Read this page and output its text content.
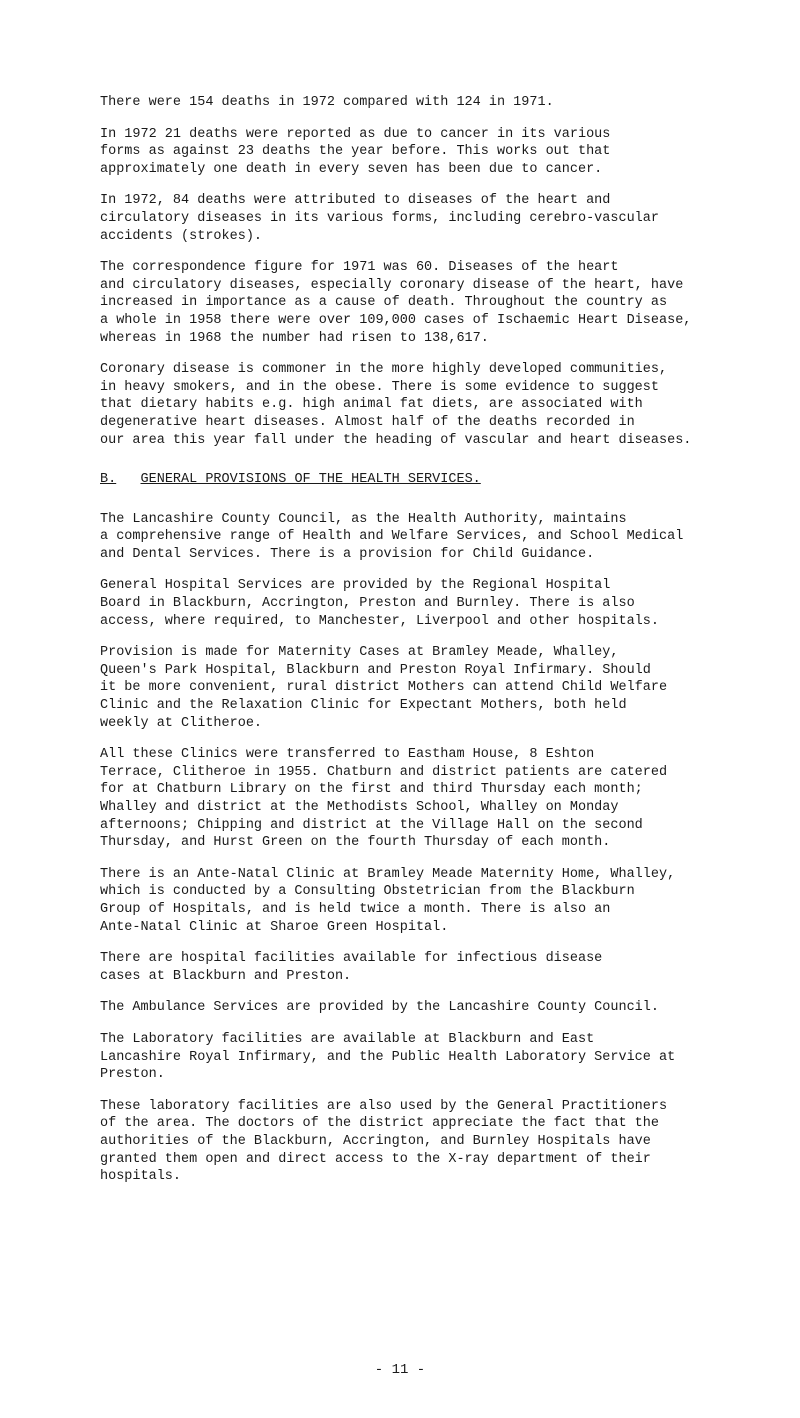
There were 154 deaths in 1972 compared with 124 in 1971.

In 1972 21 deaths were reported as due to cancer in its various
forms as against 23 deaths the year before. This works out that
approximately one death in every seven has been due to cancer.

In 1972, 84 deaths were attributed to diseases of the heart and
circulatory diseases in its various forms, including cerebro-vascular
accidents (strokes).

The correspondence figure for 1971 was 60. Diseases of the heart
and circulatory diseases, especially coronary disease of the heart, have
increased in importance as a cause of death. Throughout the country as
a whole in 1958 there were over 109,000 cases of Ischaemic Heart Disease,
whereas in 1968 the number had risen to 138,617.

Coronary disease is commoner in the more highly developed communities,
in heavy smokers, and in the obese. There is some evidence to suggest
that dietary habits e.g. high animal fat diets, are associated with
degenerative heart diseases. Almost half of the deaths recorded in
our area this year fall under the heading of vascular and heart diseases.

B. GENERAL PROVISIONS OF THE HEALTH SERVICES.

The Lancashire County Council, as the Health Authority, maintains
a comprehensive range of Health and Welfare Services, and School Medical
and Dental Services. There is a provision for Child Guidance.

General Hospital Services are provided by the Regional Hospital
Board in Blackburn, Accrington, Preston and Burnley. There is also
access, where required, to Manchester, Liverpool and other hospitals.

Provision is made for Maternity Cases at Bramley Meade, Whalley,
Queen's Park Hospital, Blackburn and Preston Royal Infirmary. Should
it be more convenient, rural district Mothers can attend Child Welfare
Clinic and the Relaxation Clinic for Expectant Mothers, both held
weekly at Clitheroe.

All these Clinics were transferred to Eastham House, 8 Eshton
Terrace, Clitheroe in 1955. Chatburn and district patients are catered
for at Chatburn Library on the first and third Thursday each month;
Whalley and district at the Methodists School, Whalley on Monday
afternoons; Chipping and district at the Village Hall on the second
Thursday, and Hurst Green on the fourth Thursday of each month.

There is an Ante-Natal Clinic at Bramley Meade Maternity Home, Whalley,
which is conducted by a Consulting Obstetrician from the Blackburn
Group of Hospitals, and is held twice a month. There is also an
Ante-Natal Clinic at Sharoe Green Hospital.

There are hospital facilities available for infectious disease
cases at Blackburn and Preston.

The Ambulance Services are provided by the Lancashire County Council.

The Laboratory facilities are available at Blackburn and East
Lancashire Royal Infirmary, and the Public Health Laboratory Service at
Preston.

These laboratory facilities are also used by the General Practitioners
of the area. The doctors of the district appreciate the fact that the
authorities of the Blackburn, Accrington, and Burnley Hospitals have
granted them open and direct access to the X-ray department of their
hospitals.

- 11 -
